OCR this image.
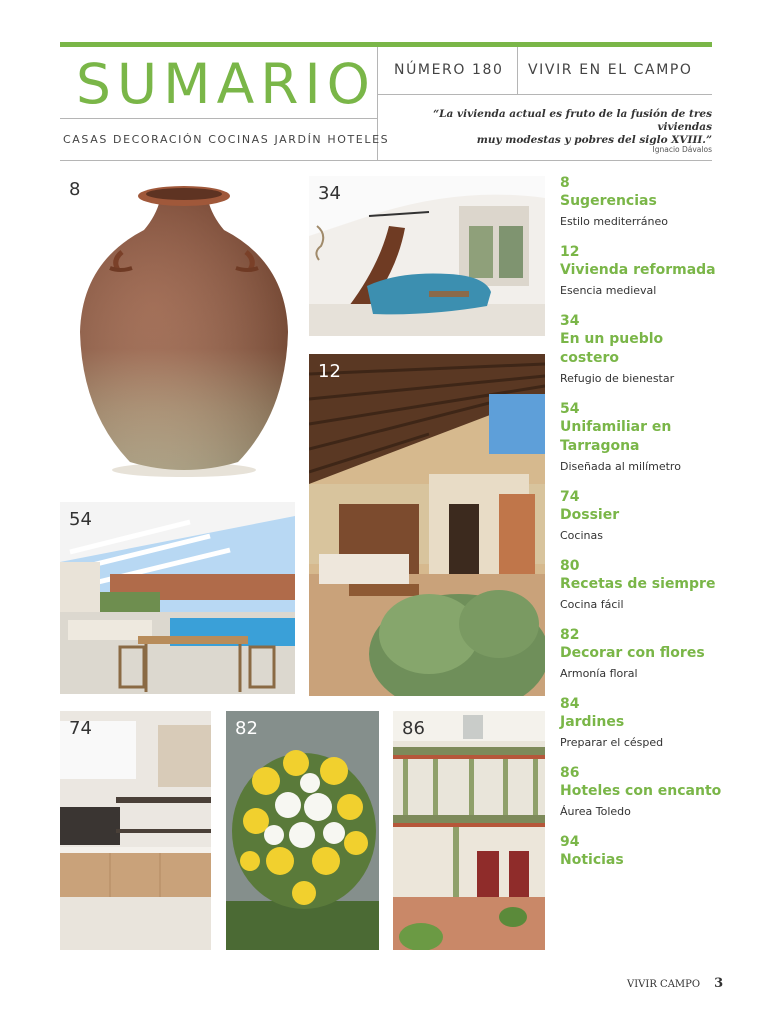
SUMARIO
CASAS DECORACIÓN COCINAS JARDÍN HOTELES
NÚMERO 180 VIVIR EN EL CAMPO
“La vivienda actual es fruto de la fusión de tres viviendas
muy modestas y pobres del siglo XVIII.”
Ignacio Dávalos
8	34
12
54
74	82	86
8
Sugerencias
Estilo mediterráneo
12
Vivienda reformada
Esencia medieval
34
En un pueblo
costero
Refugio de bienestar
54
Unifamiliar en
Tarragona
Diseñada al milímetro
74
Dossier
Cocinas
80
Recetas de siempre
Cocina fácil
82
Decorar con flores
Armonía floral
84
Jardines
Preparar el césped
86
Hoteles con encanto
Áurea Toledo
94
Noticias
VIVIR CAMPO 3
